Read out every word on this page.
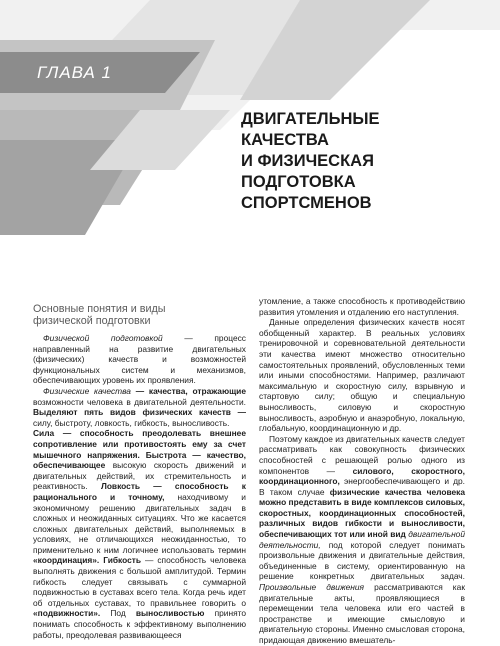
ГЛАВА 1
ДВИГАТЕЛЬНЫЕ
КАЧЕСТВА
И ФИЗИЧЕСКАЯ
ПОДГОТОВКА
СПОРТСМЕНОВ
Основные понятия и виды
физической подготовки

Физической подготовкой — процесс направленный на развитие двигательных (физических) качеств и возможностей функциональных систем и механизмов, обеспечивающих уровень их проявления.

Физические качества — качества, отражающие возможности человека в двигательной деятельности. Выделяют пять видов физических качеств — силу, быстроту, ловкость, гибкость, выносливость.

Сила — способность преодолевать внешнее сопротивление или противостоять ему за счет мышечного напряжения. Быстрота — качество, обеспечивающее высокую скорость движений и двигательных действий, их стремительность и реактивность. Ловкость — способность к рационального и точному, находчивому и экономичному решению двигательных задач в сложных и неожиданных ситуациях. Что же касается сложных двигательных действий, выполняемых в условиях, не отличающихся неожиданностью, то применительно к ним логичнее использовать термин «координация». Гибкость — способность человека выполнять движения с большой амплитудой. Термин гибкость следует связывать с суммарной подвижностью в суставах всего тела. Когда речь идет об отдельных суставах, то правильнее говорить о «подвижности». Под выносливостью принято понимать способность к эффективному выполнению работы, преодолевая развивающееся

утомление, а также способность к противодействию развития утомления и отдалению его наступления.

Данные определения физических качеств носят обобщенный характер. В реальных условиях тренировочной и соревновательной деятельности эти качества имеют множество относительно самостоятельных проявлений, обусловленных теми или иными способностями. Например, различают максимальную и скоростную силу, взрывную и стартовую силу; общую и специальную выносливость, силовую и скоростную выносливость, аэробную и анаэробную, локальную, глобальную, координационную и др.

Поэтому каждое из двигательных качеств следует рассматривать как совокупность физических способностей с решающей ролью одного из компонентов — силового, скоростного, координационного, энергообеспечивающего и др. В таком случае физические качества человека можно представить в виде комплексов силовых, скоростных, координационных способностей, различных видов гибкости и выносливости, обеспечивающих тот или иной вид двигательной деятельности, под которой следует понимать произвольные движения и двигательные действия, объединенные в систему, ориентированную на решение конкретных двигательных задач. Произвольные движения рассматриваются как двигательные акты, проявляющиеся в перемещении тела человека или его частей в пространстве и имеющие смысловую и двигательную стороны. Именно смысловая сторона, придающая движению вмешатель-
